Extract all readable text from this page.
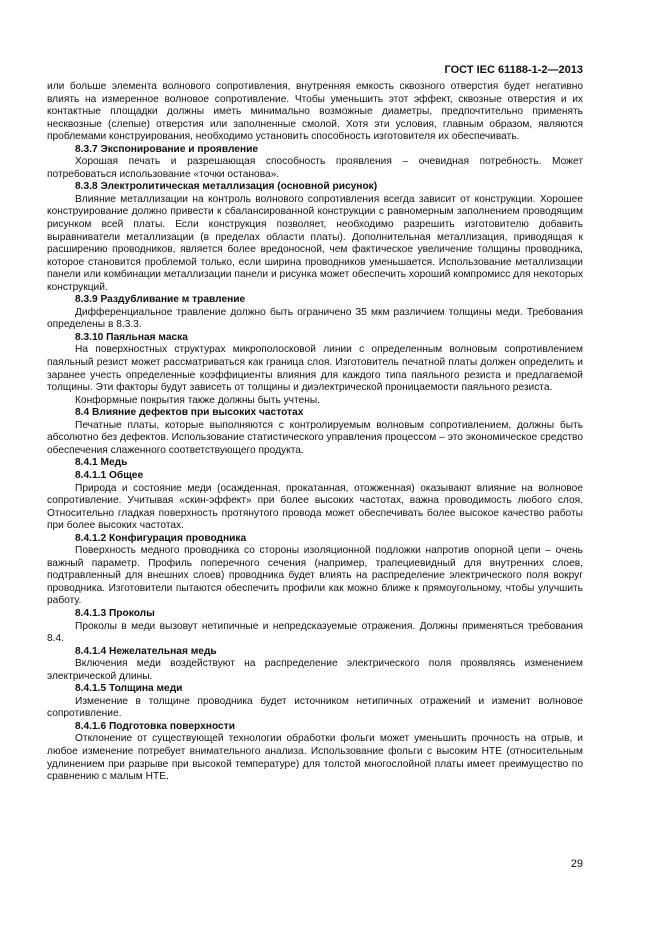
ГОСТ IEC 61188-1-2—2013

или больше элемента волнового сопротивления, внутренняя емкость сквозного отверстия будет негативно влиять на измеренное волновое сопротивление. Чтобы уменьшить этот эффект, сквозные отверстия и их контактные площадки должны иметь минимально возможные диаметры, предпочтительно применять несквозные (слепые) отверстия или заполненные смолой. Хотя эти условия, главным образом, являются проблемами конструирования, необходимо установить способность изготовителя их обеспечивать.

8.3.7 Экспонирование и проявление

Хорошая печать и разрешающая способность проявления – очевидная потребность. Может потребоваться использование «точки останова».

8.3.8 Электролитическая металлизация (основной рисунок)

Влияние металлизации на контроль волнового сопротивления всегда зависит от конструкции. Хорошее конструирование должно привести к сбалансированной конструкции с равномерным заполнением проводящим рисунком всей платы. Если конструкция позволяет, необходимо разрешить изготовителю добавить выравниватели металлизации (в пределах области платы). Дополнительная металлизация, приводящая к расширению проводников, является более вредоносной, чем фактическое увеличение толщины проводника, которое становится проблемой только, если ширина проводников уменьшается. Использование металлизации панели или комбинации металлизации панели и рисунка может обеспечить хороший компромисс для некоторых конструкций.

8.3.9 Раздубливание м травление

Дифференциальное травление должно быть ограничено 35 мкм различием толщины меди. Требования определены в 8.3.3.

8.3.10 Паяльная маска

На поверхностных структурах микрополосковой линии с определенным волновым сопротивлением паяльный резист может рассматриваться как граница слоя. Изготовитель печатной платы должен определить и заранее учесть определенные коэффициенты влияния для каждого типа паяльного резиста и предлагаемой толщины. Эти факторы будут зависеть от толщины и диэлектрической проницаемости паяльного резиста.

Конформные покрытия также должны быть учтены.

8.4 Влияние дефектов при высоких частотах

Печатные платы, которые выполняются с контролируемым волновым сопротивлением, должны быть абсолютно без дефектов. Использование статистического управления процессом – это экономическое средство обеспечения слаженного соответствующего продукта.

8.4.1 Медь

8.4.1.1 Общее

Природа и состояние меди (осажденная, прокатанная, отожженная) оказывают влияние на волновое сопротивление. Учитывая «скин-эффект» при более высоких частотах, важна проводимость любого слоя. Относительно гладкая поверхность протянутого провода может обеспечивать более высокое качество работы при более высоких частотах.

8.4.1.2 Конфигурация проводника

Поверхность медного проводника со стороны изоляционной подложки напротив опорной цепи – очень важный параметр. Профиль поперечного сечения (например, трапециевидный для внутренних слоев, подтравленный для внешних слоев) проводника будет влиять на распределение электрического поля вокруг проводника. Изготовители пытаются обеспечить профили как можно ближе к прямоугольному, чтобы улучшить работу.

8.4.1.3 Проколы

Проколы в меди вызовут нетипичные и непредсказуемые отражения. Должны применяться требования 8.4.

8.4.1.4 Нежелательная медь

Включения меди воздействуют на распределение электрического поля проявляясь изменением электрической длины.

8.4.1.5 Толщина меди

Изменение в толщине проводника будет источником нетипичных отражений и изменит волновое сопротивление.

8.4.1.6 Подготовка поверхности

Отклонение от существующей технологии обработки фольги может уменьшить прочность на отрыв, и любое изменение потребует внимательного анализа. Использование фольги с высоким HTE (относительным удлинением при разрыве при высокой температуре) для толстой многослойной платы имеет преимущество по сравнению с малым HTE.

29
